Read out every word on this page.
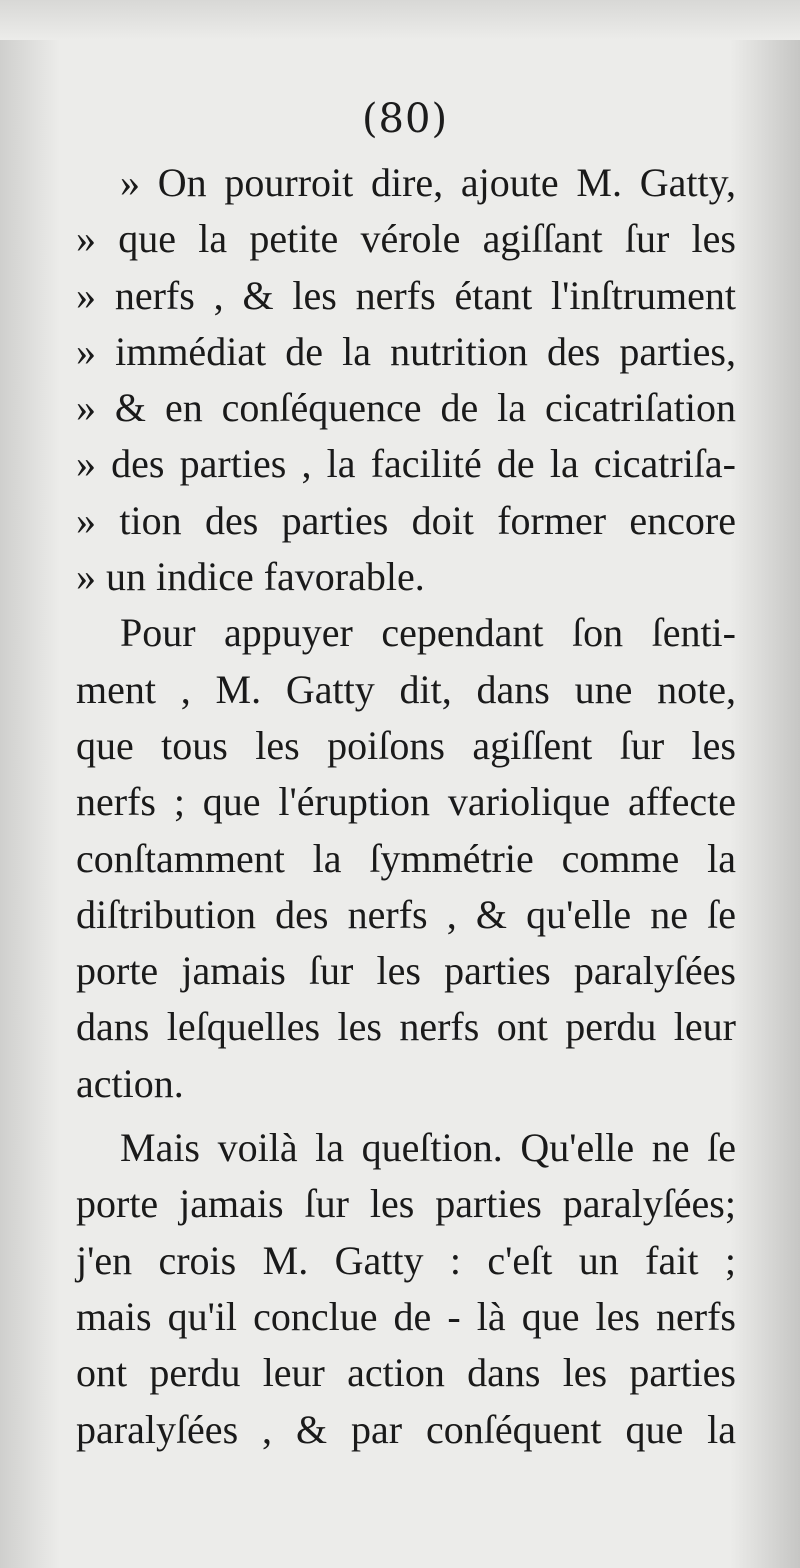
(80)
» On pourroit dire, ajoute M. Gatty,
» que la petite vérole agiſſant ſur les
» nerfs , & les nerfs étant l'inſtrument
» immédiat de la nutrition des parties,
» & en conſéquence de la cicatriſation
» des parties , la facilité de la cicatriſa-
» tion des parties doit former encore
» un indice favorable.
Pour appuyer cependant ſon ſenti-
ment , M. Gatty dit, dans une note,
que tous les poiſons agiſſent ſur les
nerfs ; que l'éruption variolique affecte
conſtamment la ſymmétrie comme la
diſtribution des nerfs , & qu'elle ne ſe
porte jamais ſur les parties paralyſées
dans leſquelles les nerfs ont perdu leur
action.
Mais voilà la queſtion. Qu'elle ne ſe
porte jamais ſur les parties paralyſées;
j'en crois M. Gatty : c'eſt un fait ;
mais qu'il conclue de - là que les nerfs
ont perdu leur action dans les parties
paralyſées , & par conſéquent que la
